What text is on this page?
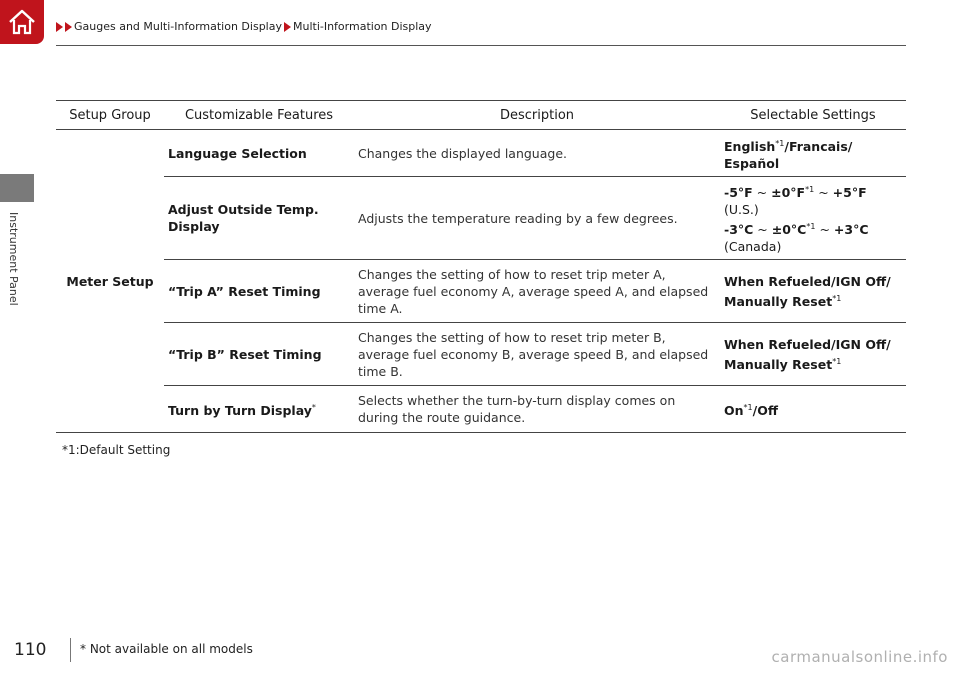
Instrument Panel
Gauges and Multi-Information Display Multi-Information Display
Setup Group	Customizable Features	Description	Selectable Settings
Meter Setup	Language Selection	Changes the displayed language.	English$^{*1}$/Francais/
Español
	Adjust Outside Temp.
Display	Adjusts the temperature reading by a few degrees.	-5°F ~ $\pm 0^\circ F^{*1}$ ~ +5°F
(U.S.)
-3°C ~ $\pm 0^\circ C^{*1}$ ~ +3°C
(Canada)
	“Trip A” Reset Timing	Changes the setting of how to reset trip meter A, average fuel economy A, average speed A, and elapsed time A.	When Refueled/IGN Off/
Manually Reset$^{*1}$
	“Trip B” Reset Timing	Changes the setting of how to reset trip meter B, average fuel economy B, average speed B, and elapsed time B.	When Refueled/IGN Off/
Manually Reset$^{*1}$
	Turn by Turn Display*	Selects whether the turn-by-turn display comes on during the route guidance.	On$^{*1}$/Off
*1:Default Setting
110	* Not available on all models	carmanualsonline.info
